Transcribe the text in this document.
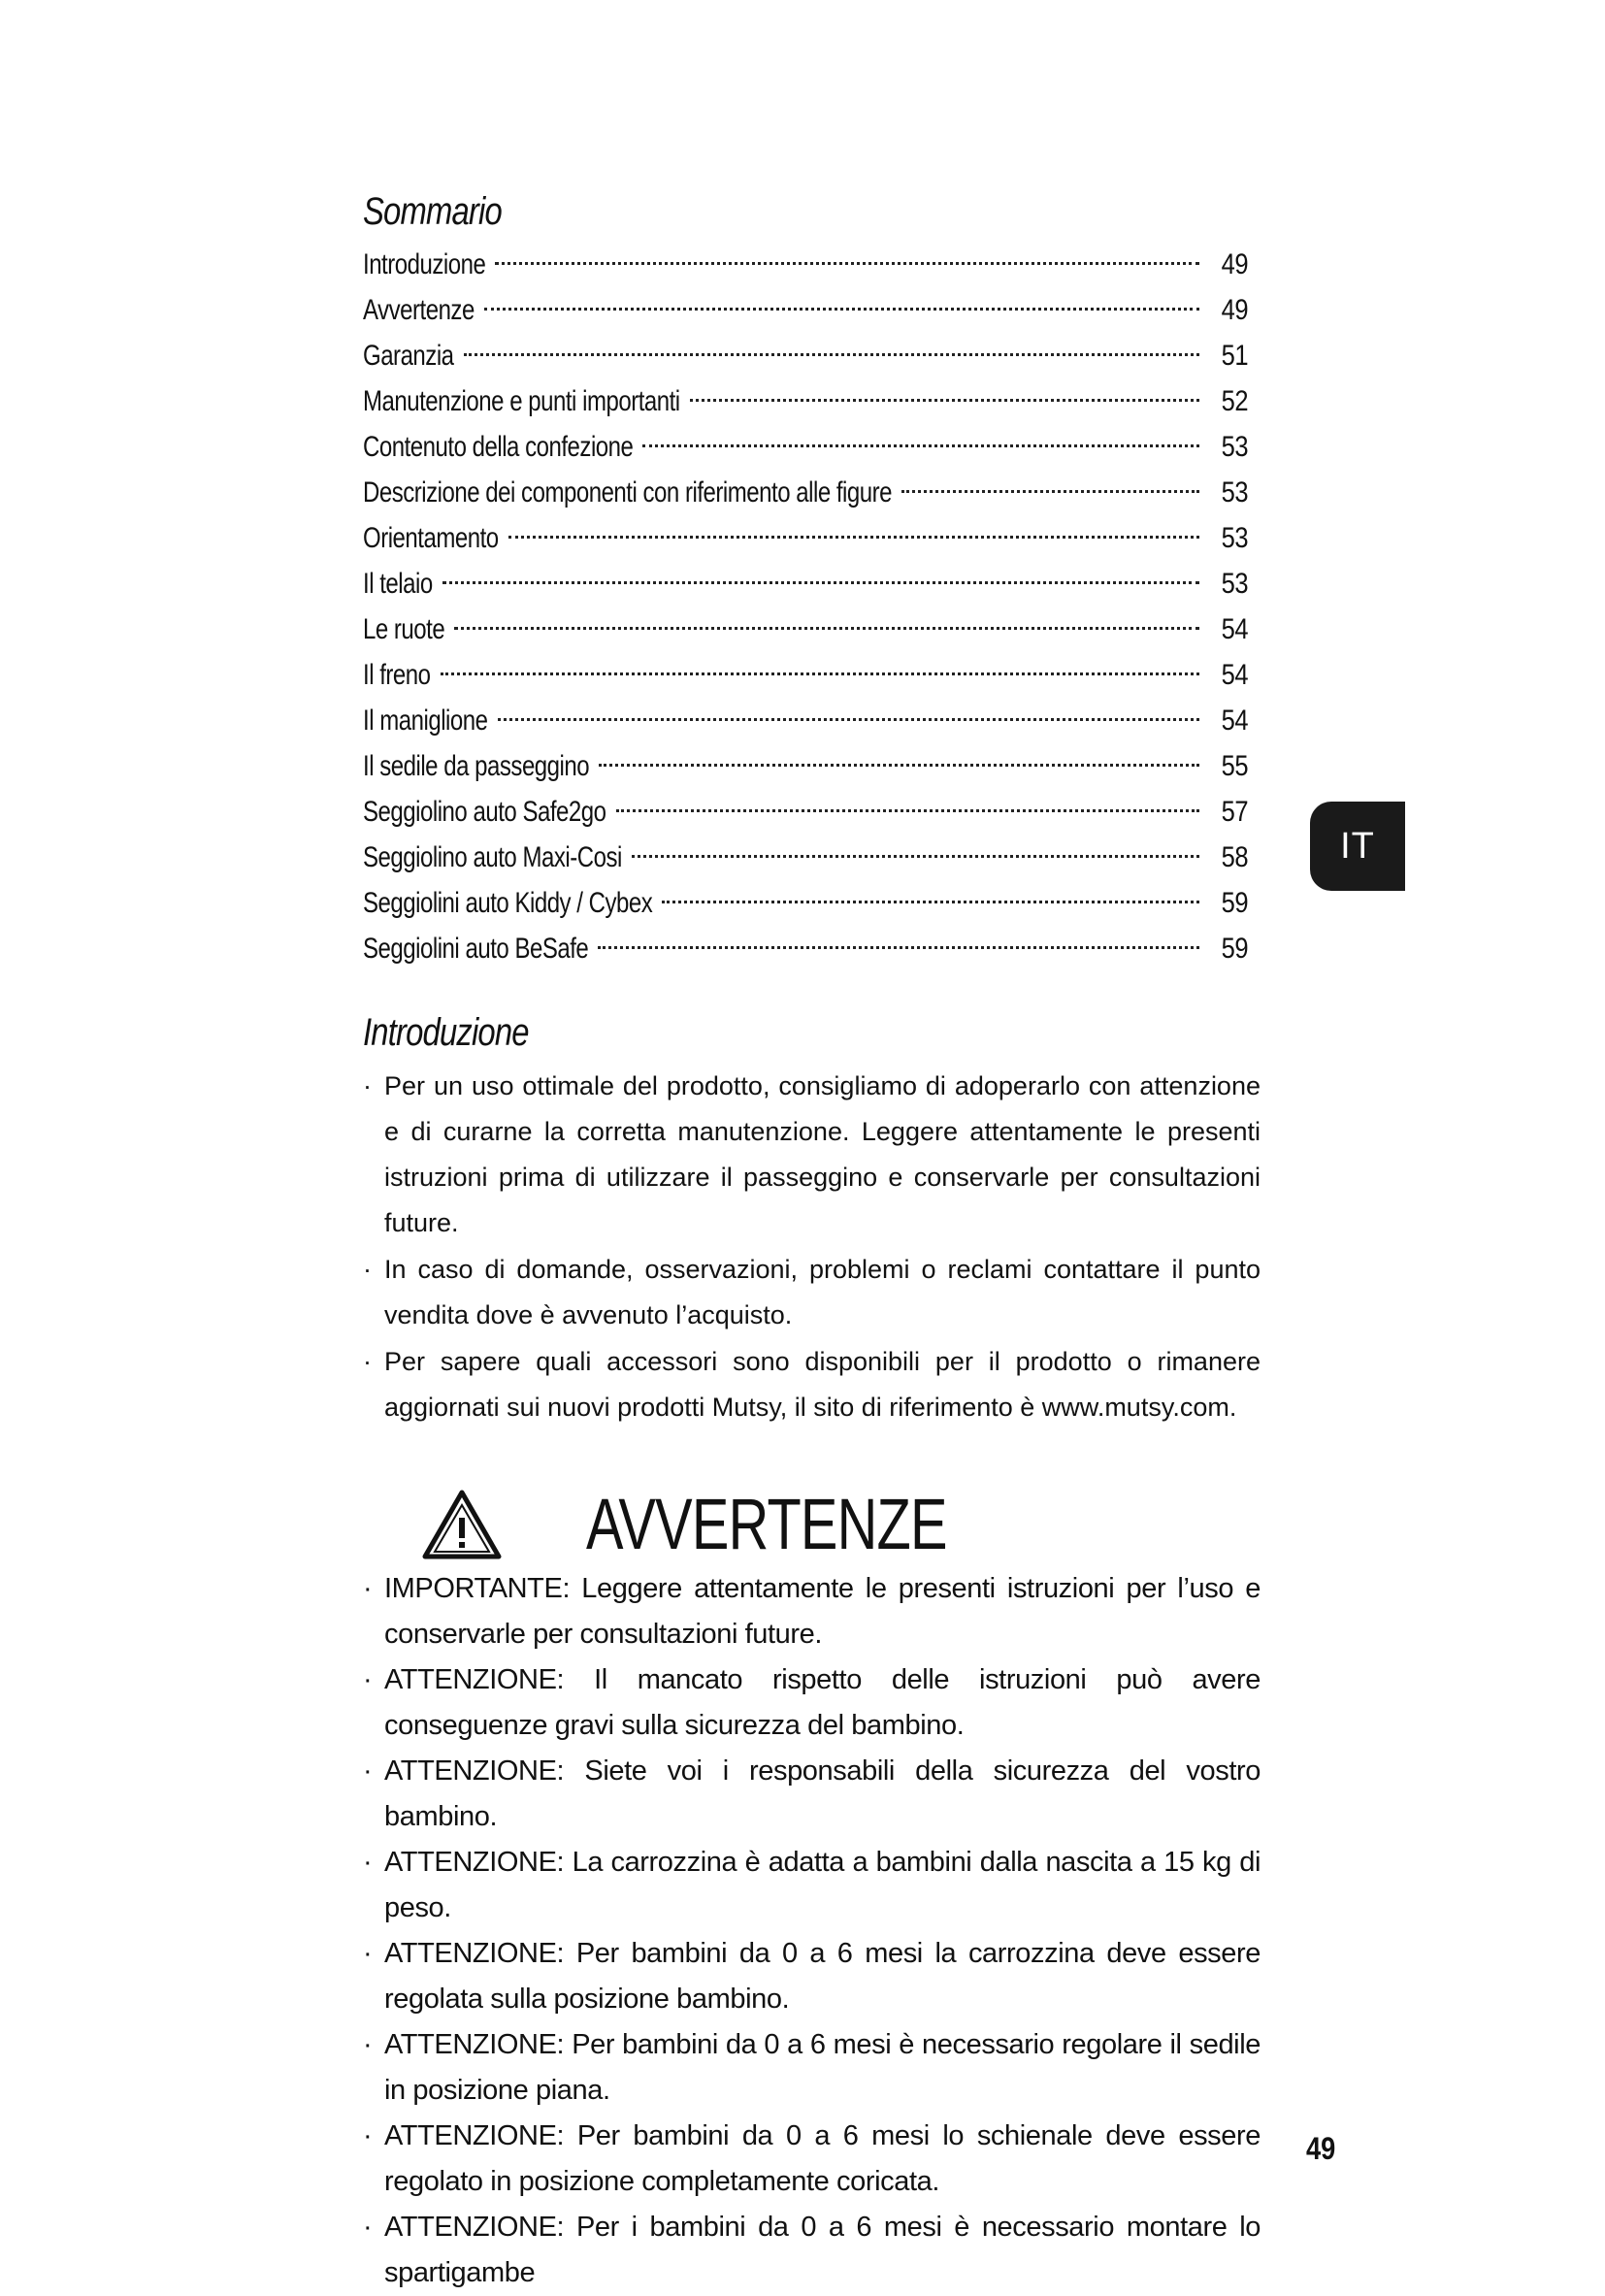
Sommario
Introduzione	49
Avvertenze	49
Garanzia	51
Manutenzione e punti importanti	52
Contenuto della confezione	53
Descrizione dei componenti con riferimento alle figure	53
Orientamento	53
Il telaio	53
Le ruote	54
Il freno	54
Il maniglione	54
Il sedile da passeggino	55
Seggiolino auto Safe2go	57
Seggiolino auto Maxi-Cosi	58
Seggiolini auto Kiddy / Cybex	59
Seggiolini auto BeSafe	59
IT
Introduzione
· Per un uso ottimale del prodotto, consigliamo di adoperarlo con attenzione e di curarne la corretta manutenzione. Leggere attentamente le presenti istruzioni prima di utilizzare il passeggino e conservarle per consultazioni future.
· In caso di domande, osservazioni, problemi o reclami contattare il punto vendita dove è avvenuto l’acquisto.
· Per sapere quali accessori sono disponibili per il prodotto o rimanere aggiornati sui nuovi prodotti Mutsy, il sito di riferimento è www.mutsy.com.
AVVERTENZE
· IMPORTANTE: Leggere attentamente le presenti istruzioni per l’uso e conservarle per consultazioni future.
· ATTENZIONE: Il mancato rispetto delle istruzioni può avere conseguenze gravi sulla sicurezza del bambino.
· ATTENZIONE: Siete voi i responsabili della sicurezza del vostro bambino.
· ATTENZIONE: La carrozzina è adatta a bambini dalla nascita a 15 kg di peso.
· ATTENZIONE: Per bambini da 0 a 6 mesi la carrozzina deve essere regolata sulla posizione bambino.
· ATTENZIONE: Per bambini da 0 a 6 mesi è necessario regolare il sedile in posizione piana.
· ATTENZIONE: Per bambini da 0 a 6 mesi lo schienale deve essere regolato in posizione completamente coricata.
· ATTENZIONE: Per i bambini da 0 a 6 mesi è necessario montare lo spartigambe
49
